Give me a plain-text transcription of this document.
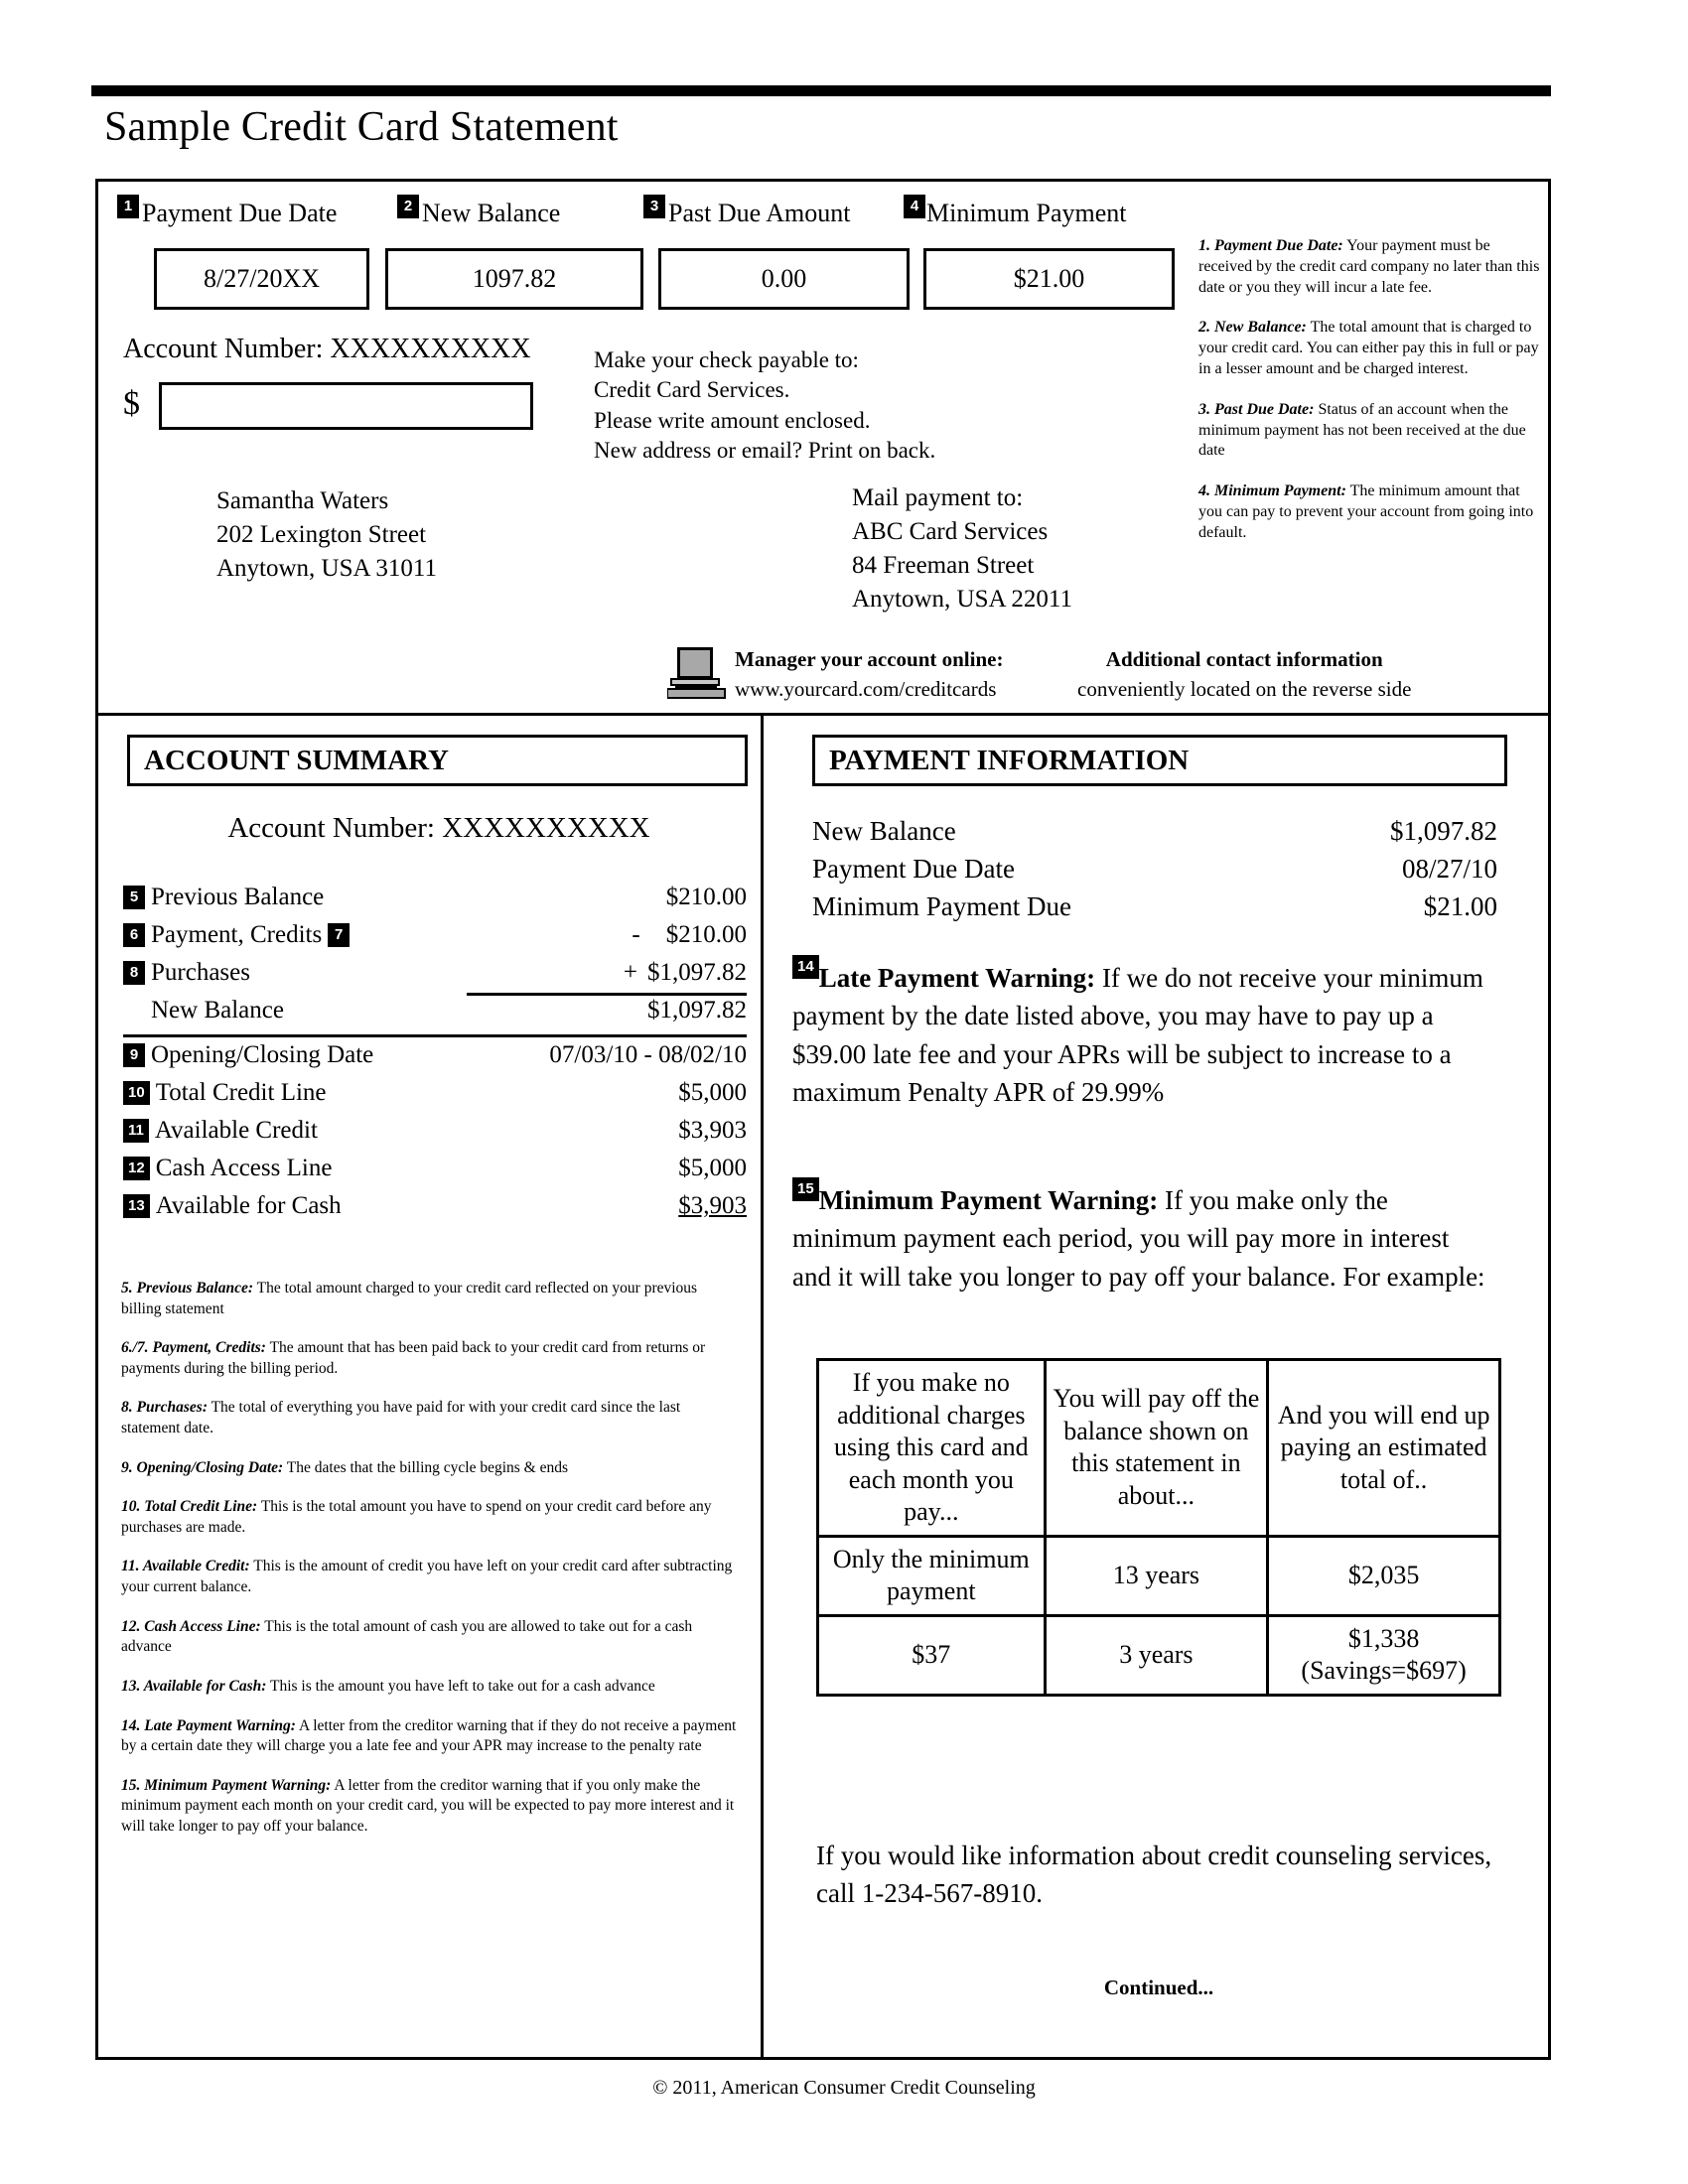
Sample Credit Card Statement
1 Payment Due Date
8/27/20XX
2 New Balance
1097.82
3 Past Due Amount
0.00
4 Minimum Payment
$21.00
Account Number: XXXXXXXXXX
$
Make your check payable to:
Credit Card Services.
Please write amount enclosed.
New address or email? Print on back.
Samantha Waters
202 Lexington Street
Anytown, USA 31011
Mail payment to:
ABC Card Services
84 Freeman Street
Anytown, USA 22011

1. Payment Due Date: Your payment must be received by the credit card company no later than this date or you they will incur a late fee.

2. New Balance: The total amount that is charged to your credit card. You can either pay this in full or pay in a lesser amount and be charged interest.

3. Past Due Date: Status of an account when the minimum payment has not been received at the due date

4. Minimum Payment: The minimum amount that you can pay to prevent your account from going into default.

Manager your account online:
www.yourcard.com/creditcards
Additional contact information
conveniently located on the reverse side
ACCOUNT SUMMARY
Account Number: XXXXXXXXXX
5 Previous Balance	$210.00
6 Payment, Credits 7	- $210.00
8 Purchases	+ $1,097.82
New Balance	$1,097.82
9 Opening/Closing Date	07/03/10 - 08/02/10
10 Total Credit Line	$5,000
11 Available Credit	$3,903
12 Cash Access Line	$5,000
13 Available for Cash	$3,903

5. Previous Balance: The total amount charged to your credit card reflected on your previous billing statement

6./7. Payment, Credits: The amount that has been paid back to your credit card from returns or payments during the billing period.

8. Purchases: The total of everything you have paid for with your credit card since the last statement date.

9. Opening/Closing Date: The dates that the billing cycle begins & ends

10. Total Credit Line: This is the total amount you have to spend on your credit card before any purchases are made.

11. Available Credit: This is the amount of credit you have left on your credit card after subtracting your current balance.

12. Cash Access Line: This is the total amount of cash you are allowed to take out for a cash advance

13. Available for Cash: This is the amount you have left to take out for a cash advance

14. Late Payment Warning: A letter from the creditor warning that if they do not receive a payment by a certain date they will charge you a late fee and your APR may increase to the penalty rate

15. Minimum Payment Warning: A letter from the creditor warning that if you only make the minimum payment each month on your credit card, you will be expected to pay more interest and it will take longer to pay off your balance.

PAYMENT INFORMATION
New Balance	$1,097.82
Payment Due Date	08/27/10
Minimum Payment Due	$21.00
14 Late Payment Warning: If we do not receive your minimum payment by the date listed above, you may have to pay up a $39.00 late fee and your APRs will be subject to increase to a maximum Penalty APR of 29.99%
15 Minimum Payment Warning: If you make only the minimum payment each period, you will pay more in interest and it will take you longer to pay off your balance. For example:
If you make no additional charges using this card and each month you pay...	You will pay off the balance shown on this statement in about...	And you will end up paying an estimated total of..
Only the minimum payment	13 years	$2,035
$37	3 years	$1,338 (Savings=$697)
If you would like information about credit counseling services, call 1-234-567-8910.
Continued...
© 2011, American Consumer Credit Counseling
